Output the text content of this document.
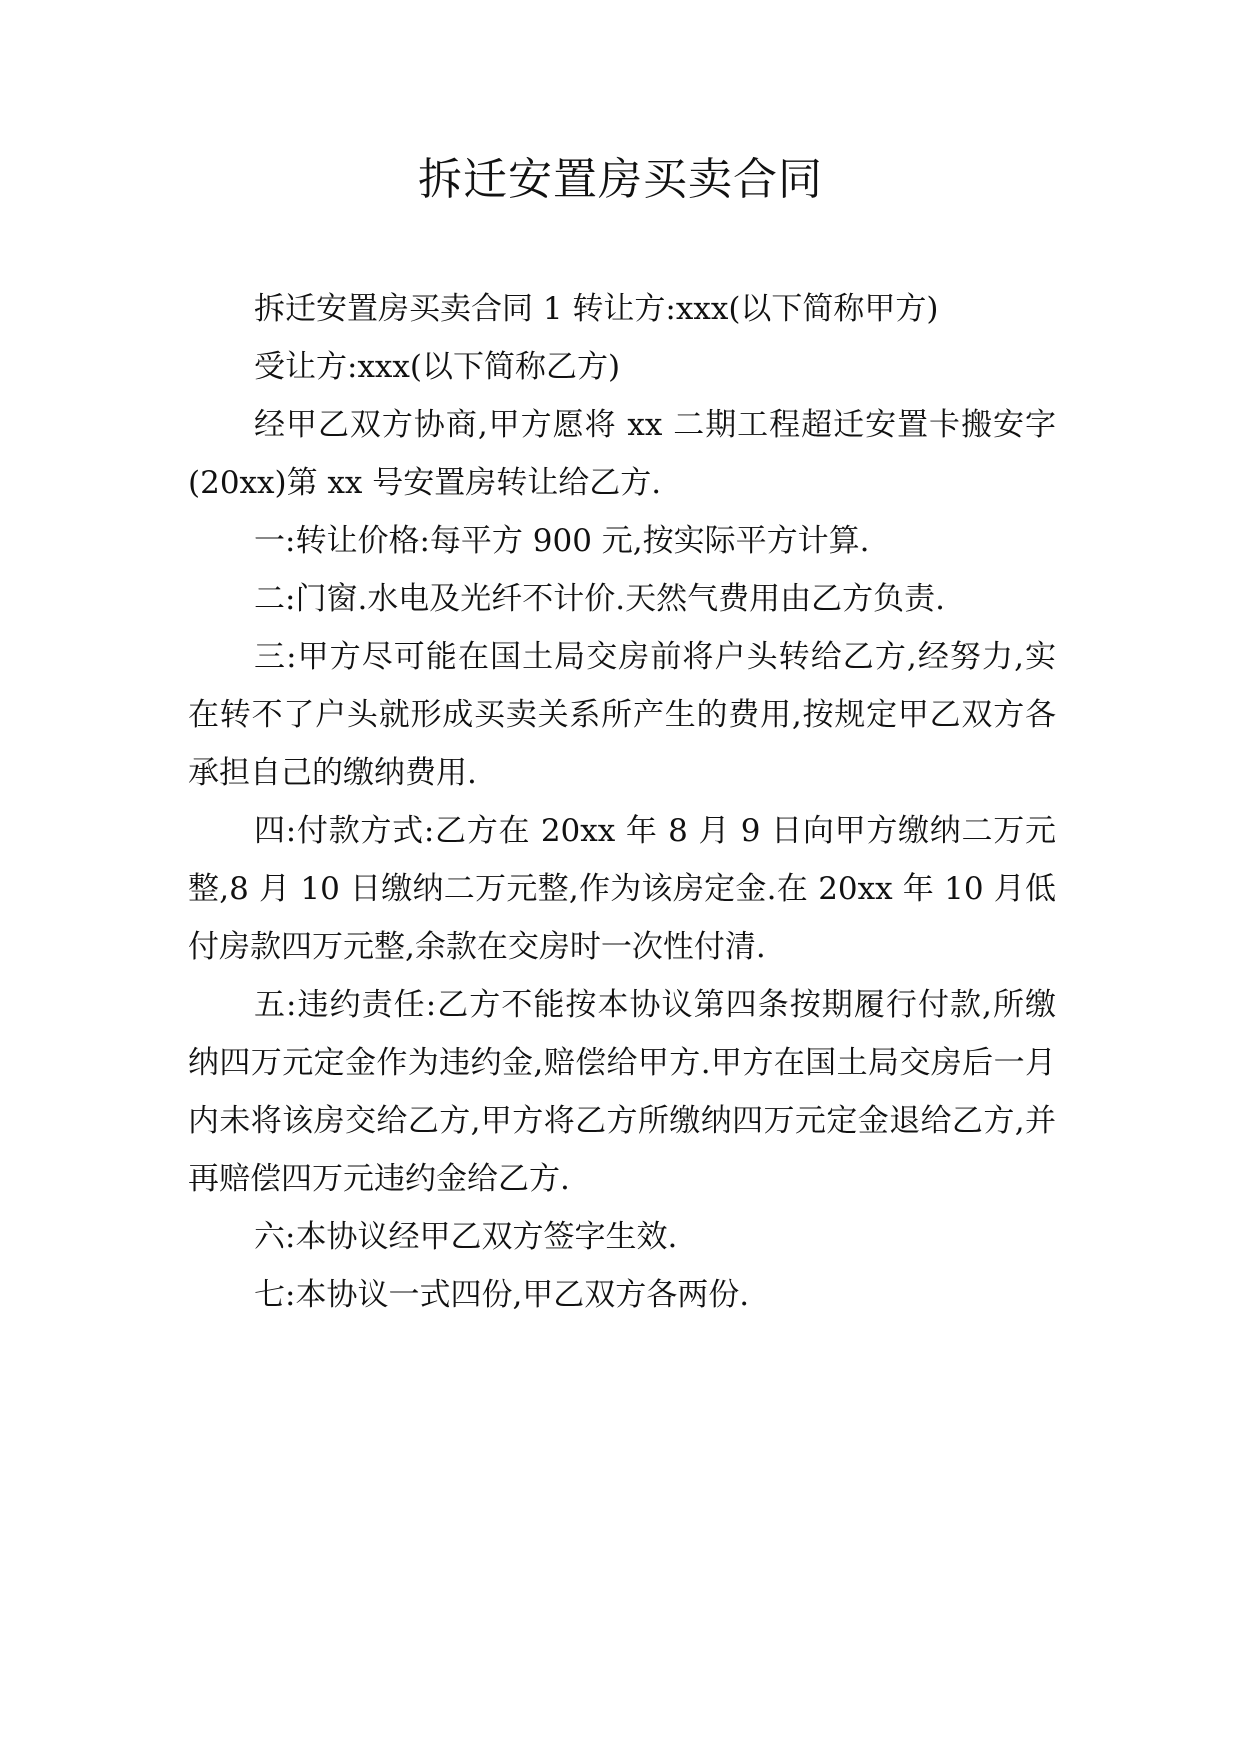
拆迁安置房买卖合同

拆迁安置房买卖合同 1 转让方:xxx(以下简称甲方)

受让方:xxx(以下简称乙方)

经甲乙双方协商,甲方愿将 xx 二期工程超迁安置卡搬安字(20xx)第 xx 号安置房转让给乙方.

一:转让价格:每平方 900 元,按实际平方计算.

二:门窗.水电及光纤不计价.天然气费用由乙方负责.

三:甲方尽可能在国土局交房前将户头转给乙方,经努力,实在转不了户头就形成买卖关系所产生的费用,按规定甲乙双方各承担自己的缴纳费用.

四:付款方式:乙方在 20xx 年 8 月 9 日向甲方缴纳二万元整,8 月 10 日缴纳二万元整,作为该房定金.在 20xx 年 10 月低付房款四万元整,余款在交房时一次性付清.

五:违约责任:乙方不能按本协议第四条按期履行付款,所缴纳四万元定金作为违约金,赔偿给甲方.甲方在国土局交房后一月内未将该房交给乙方,甲方将乙方所缴纳四万元定金退给乙方,并再赔偿四万元违约金给乙方.

六:本协议经甲乙双方签字生效.

七:本协议一式四份,甲乙双方各两份.
